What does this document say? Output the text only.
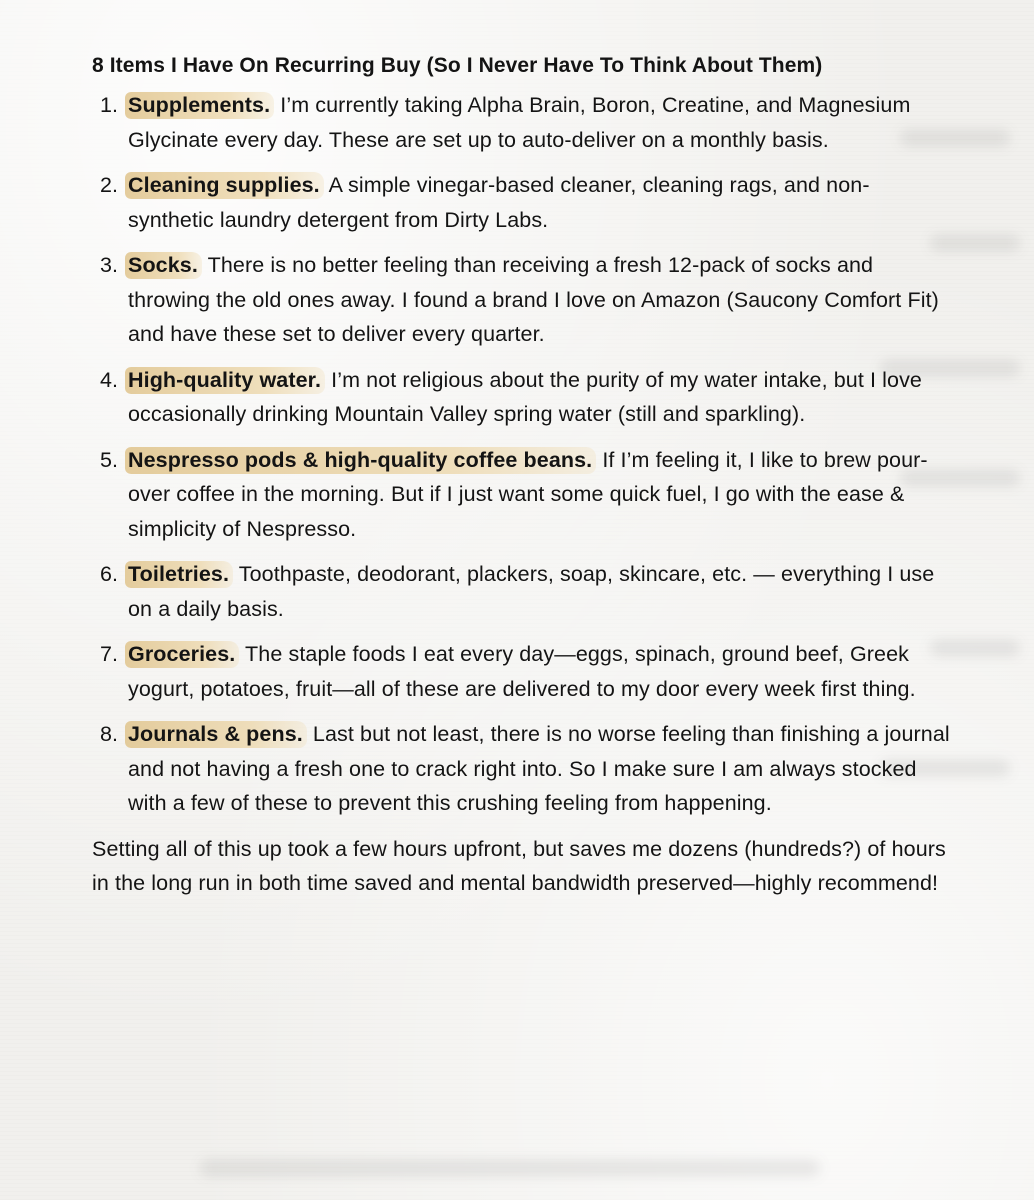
8 Items I Have On Recurring Buy (So I Never Have To Think About Them)
1. Supplements. I’m currently taking Alpha Brain, Boron, Creatine, and Magnesium Glycinate every day. These are set up to auto-deliver on a monthly basis.
2. Cleaning supplies. A simple vinegar-based cleaner, cleaning rags, and non-synthetic laundry detergent from Dirty Labs.
3. Socks. There is no better feeling than receiving a fresh 12-pack of socks and throwing the old ones away. I found a brand I love on Amazon (Saucony Comfort Fit) and have these set to deliver every quarter.
4. High-quality water. I’m not religious about the purity of my water intake, but I love occasionally drinking Mountain Valley spring water (still and sparkling).
5. Nespresso pods & high-quality coffee beans. If I’m feeling it, I like to brew pour-over coffee in the morning. But if I just want some quick fuel, I go with the ease & simplicity of Nespresso.
6. Toiletries. Toothpaste, deodorant, plackers, soap, skincare, etc. — everything I use on a daily basis.
7. Groceries. The staple foods I eat every day—eggs, spinach, ground beef, Greek yogurt, potatoes, fruit—all of these are delivered to my door every week first thing.
8. Journals & pens. Last but not least, there is no worse feeling than finishing a journal and not having a fresh one to crack right into. So I make sure I am always stocked with a few of these to prevent this crushing feeling from happening.

Setting all of this up took a few hours upfront, but saves me dozens (hundreds?) of hours in the long run in both time saved and mental bandwidth preserved—highly recommend!
